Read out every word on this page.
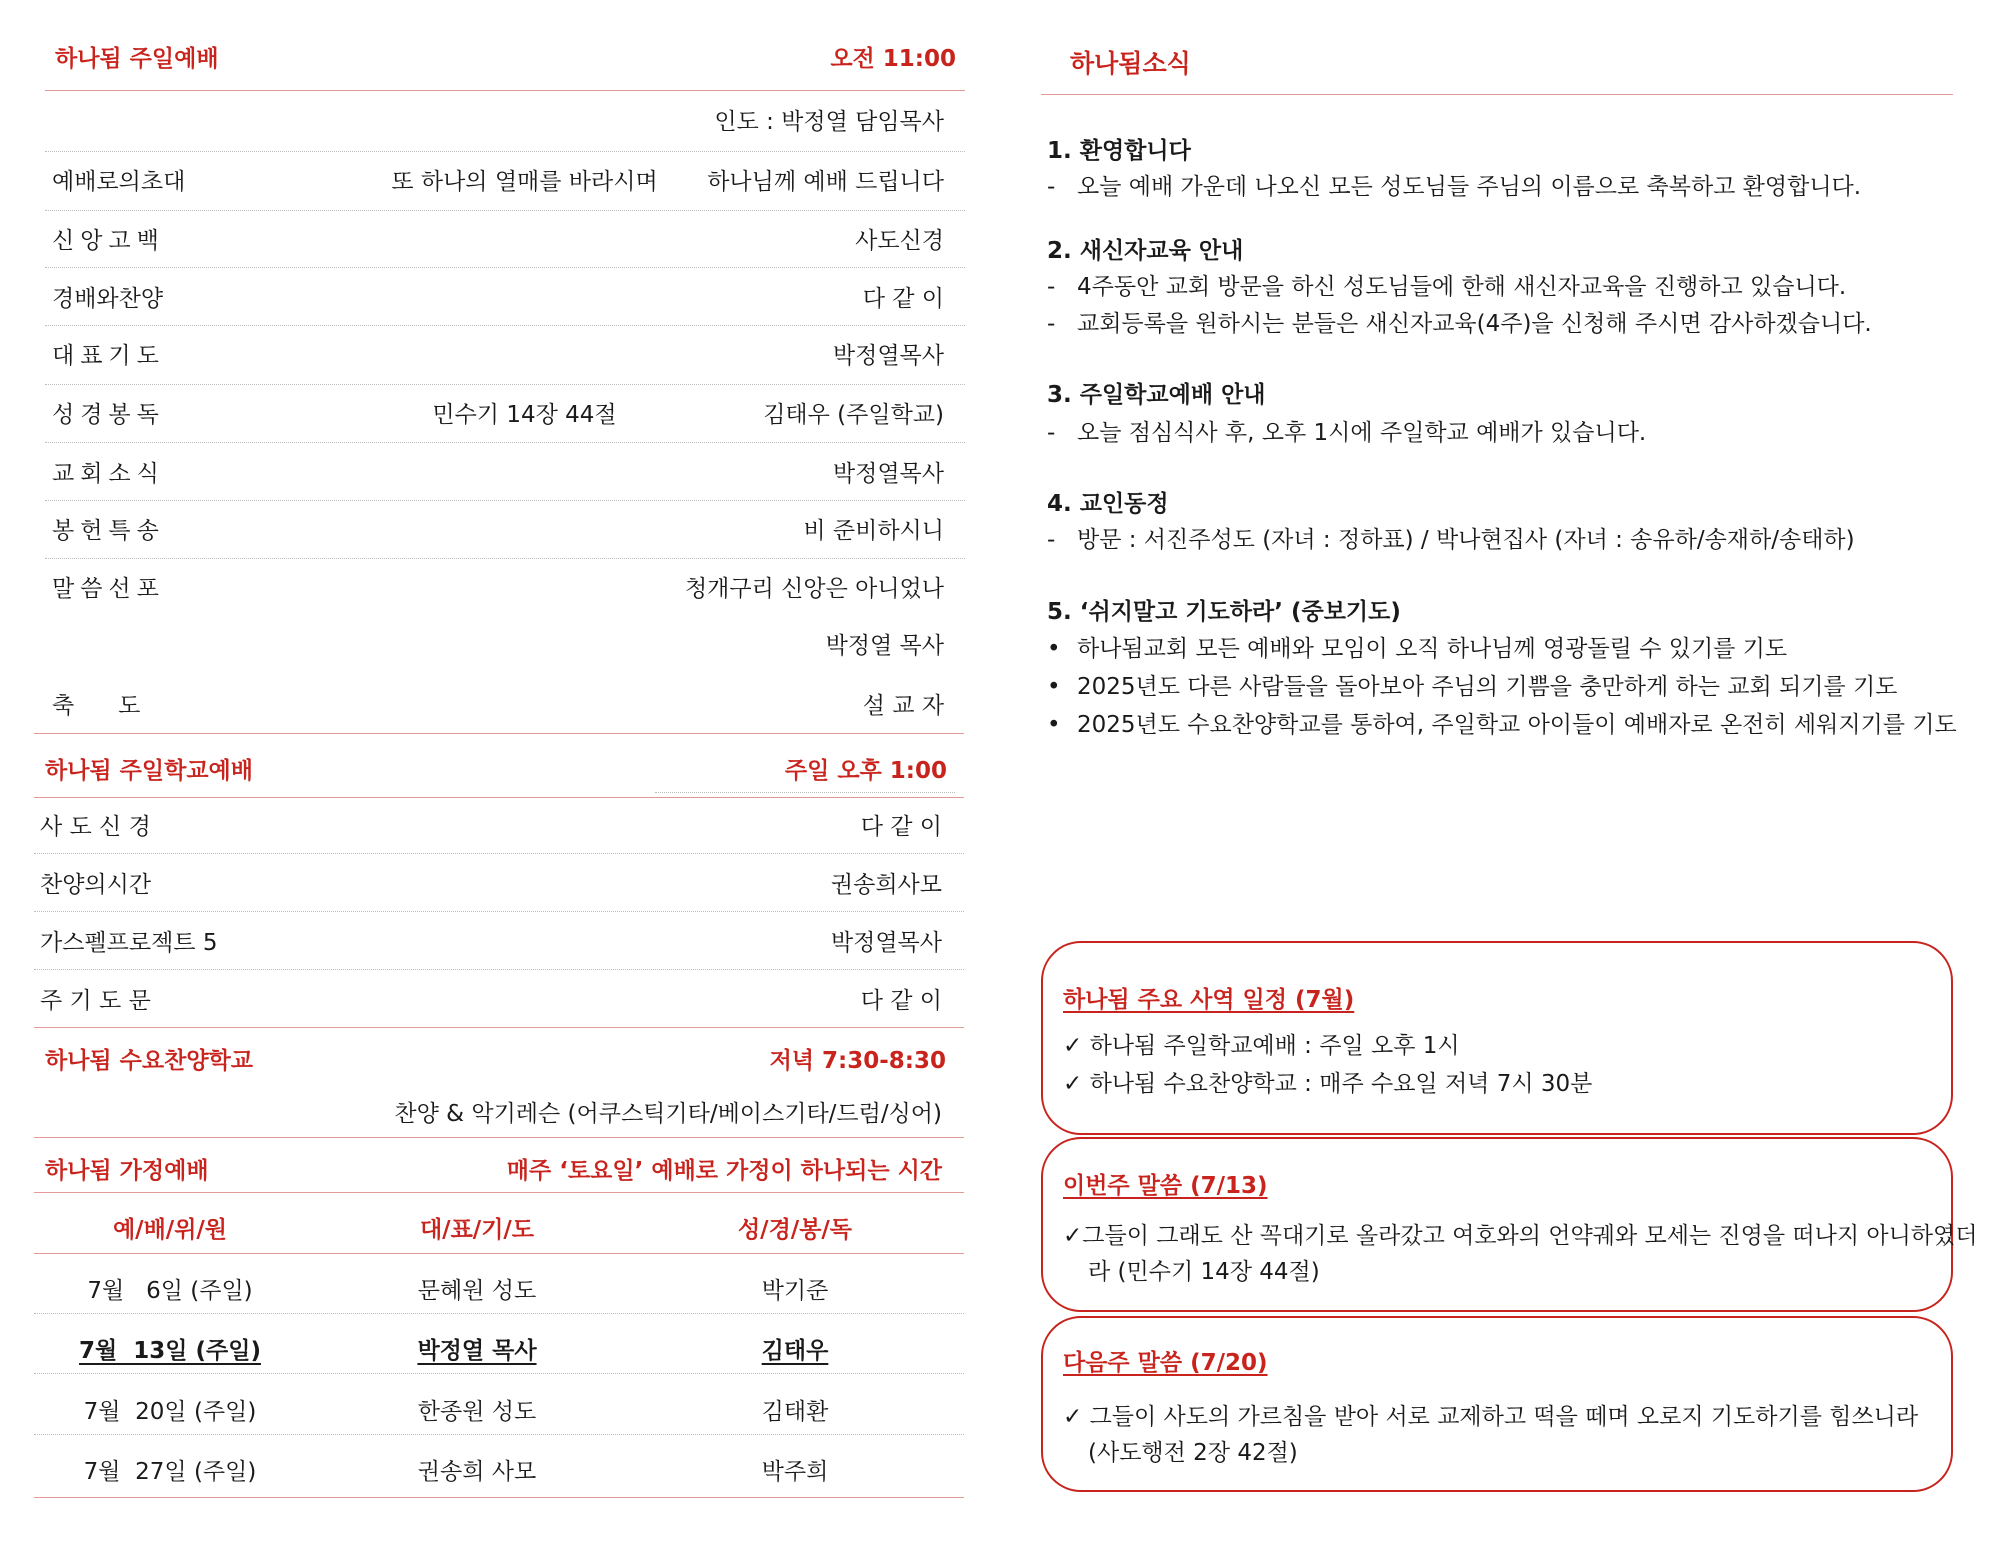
하나됨 주일예배	오전 11:00
인도 : 박정열 담임목사
예배로의초대	또 하나의 열매를 바라시며	하나님께 예배 드립니다
신앙고백	사도신경
경배와찬양	다 같 이
대표기도	박정열목사
성경봉독	민수기 14장 44절	김태우 (주일학교)
교회소식	박정열목사
봉헌특송	비 준비하시니
말씀선포	청개구리 신앙은 아니었나
박정열 목사
축      도	설 교 자
하나됨 주일학교예배	주일 오후 1:00
사 도 신 경	다 같 이
찬양의시간	권송희사모
가스펠프로젝트 5	박정열목사
주 기 도 문	다 같 이
하나됨 수요찬양학교	저녁 7:30-8:30
찬양 & 악기레슨 (어쿠스틱기타/베이스기타/드럼/싱어)
하나됨 가정예배	매주 ‘토요일’ 예배로 가정이 하나되는 시간
예/배/위/원	대/표/기/도	성/경/봉/독
7월   6일 (주일)	문혜원 성도	박기준
7월  13일 (주일)	박정열 목사	김태우
7월  20일 (주일)	한종원 성도	김태환
7월  27일 (주일)	권송희 사모	박주희
하나됨소식
1. 환영합니다
- 오늘 예배 가운데 나오신 모든 성도님들 주님의 이름으로 축복하고 환영합니다.
2. 새신자교육 안내
- 4주동안 교회 방문을 하신 성도님들에 한해 새신자교육을 진행하고 있습니다.
- 교회등록을 원하시는 분들은 새신자교육(4주)을 신청해 주시면 감사하겠습니다.
3. 주일학교예배 안내
- 오늘 점심식사 후, 오후 1시에 주일학교 예배가 있습니다.
4. 교인동정
- 방문 : 서진주성도 (자녀 : 정하표) / 박나현집사 (자녀 : 송유하/송재하/송태하)
5. ‘쉬지말고 기도하라’ (중보기도)
• 하나됨교회 모든 예배와 모임이 오직 하나님께 영광돌릴 수 있기를 기도
• 2025년도 다른 사람들을 돌아보아 주님의 기쁨을 충만하게 하는 교회 되기를 기도
• 2025년도 수요찬양학교를 통하여, 주일학교 아이들이 예배자로 온전히 세워지기를 기도
하나됨 주요 사역 일정 (7월)
✓ 하나됨 주일학교예배 : 주일 오후 1시
✓ 하나됨 수요찬양학교 : 매주 수요일 저녁 7시 30분
이번주 말씀 (7/13)
✓그들이 그래도 산 꼭대기로 올라갔고 여호와의 언약궤와 모세는 진영을 떠나지 아니하였더
라 (민수기 14장 44절)
다음주 말씀 (7/20)
✓ 그들이 사도의 가르침을 받아 서로 교제하고 떡을 떼며 오로지 기도하기를 힘쓰니라
(사도행전 2장 42절)
